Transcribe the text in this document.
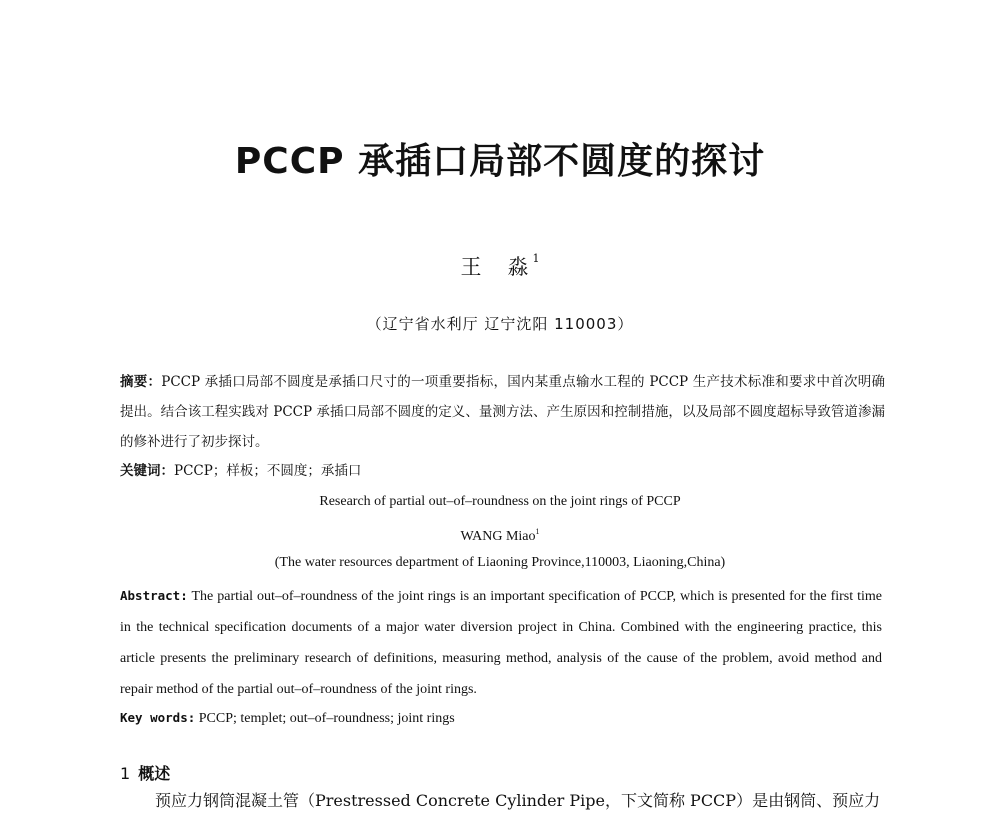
PCCP 承插口局部不圆度的探讨
王 淼 $^1$
（辽宁省水利厅 辽宁沈阳 110003）
摘要：PCCP 承插口局部不圆度是承插口尺寸的一项重要指标，国内某重点输水工程的 PCCP 生产技术标准和要求中首次明确提出。结合该工程实践对 PCCP 承插口局部不圆度的定义、量测方法、产生原因和控制措施，以及局部不圆度超标导致管道渗漏的修补进行了初步探讨。
关键词：PCCP；样板；不圆度；承插口
Research of partial out–of–roundness on the joint rings of PCCP
WANG Miao$^1$
(The water resources department of Liaoning Province,110003, Liaoning,China)
Abstract: The partial out–of–roundness of the joint rings is an important specification of PCCP, which is presented for the first time in the technical specification documents of a major water diversion project in China. Combined with the engineering practice, this article presents the preliminary research of definitions, measuring method, analysis of the cause of the problem, avoid method and repair method of the partial out–of–roundness of the joint rings.
Key words: PCCP; templet; out–of–roundness; joint rings
1 概述
预应力钢筒混凝土管（Prestressed Concrete Cylinder Pipe，下文简称 PCCP）是由钢筒、预应力
